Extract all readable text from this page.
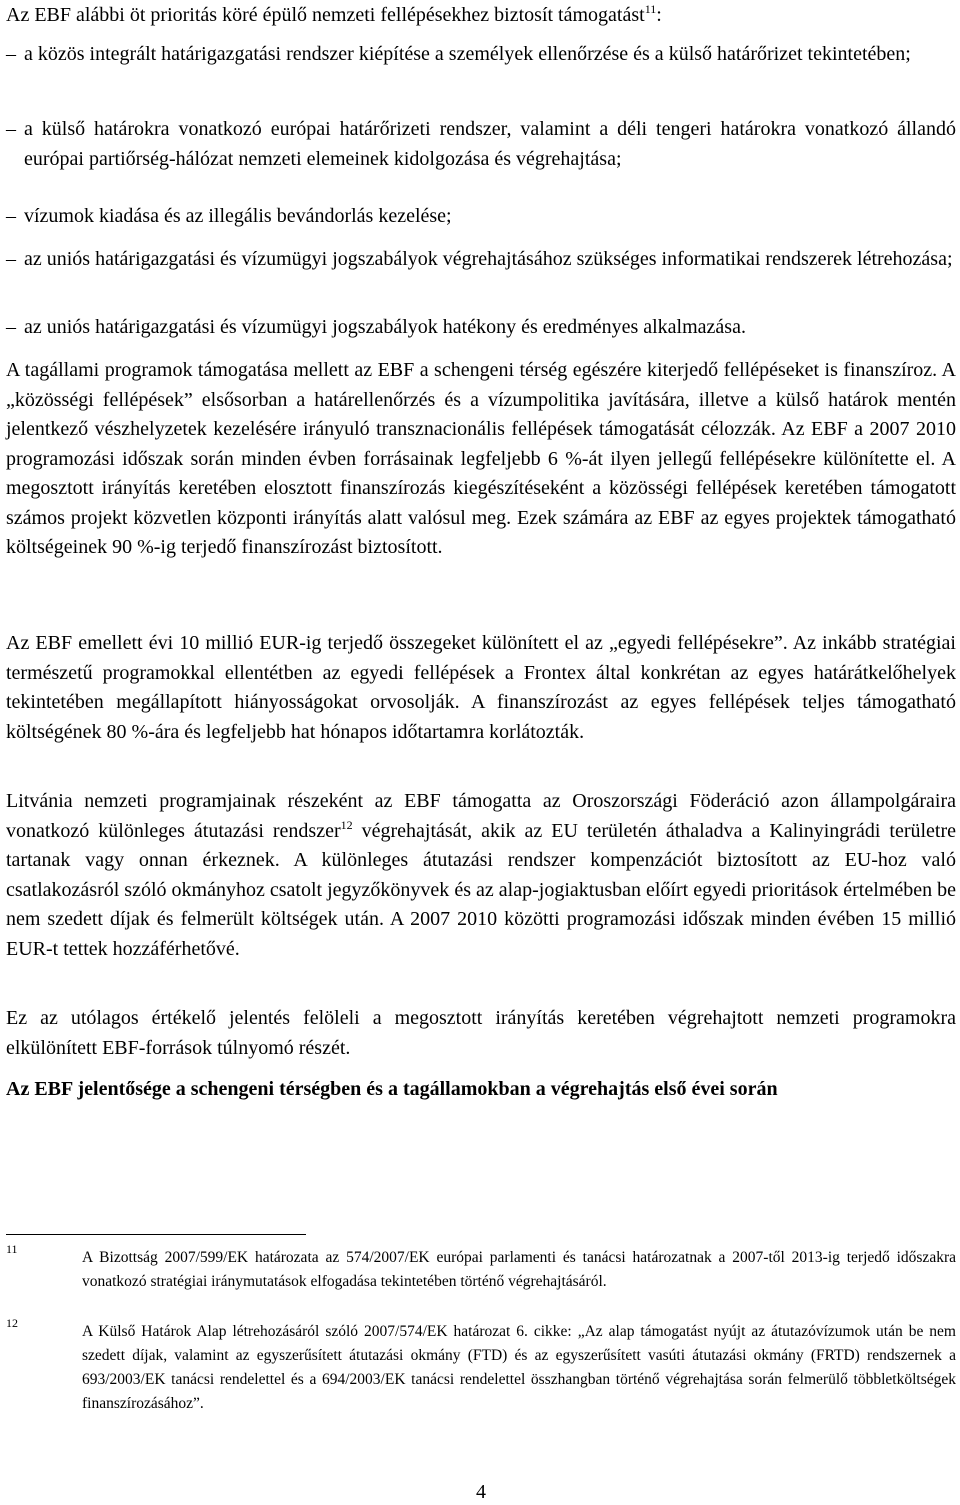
Az EBF alábbi öt prioritás köré épülő nemzeti fellépésekhez biztosít támogatást$^{11}$:
– a közös integrált határigazgatási rendszer kiépítése a személyek ellenőrzése és a külső határőrizet tekintetében;
– a külső határokra vonatkozó európai határőrizeti rendszer, valamint a déli tengeri határokra vonatkozó állandó európai partiőrség-hálózat nemzeti elemeinek kidolgozása és végrehajtása;
– vízumok kiadása és az illegális bevándorlás kezelése;
– az uniós határigazgatási és vízumügyi jogszabályok végrehajtásához szükséges informatikai rendszerek létrehozása;
– az uniós határigazgatási és vízumügyi jogszabályok hatékony és eredményes alkalmazása.
A tagállami programok támogatása mellett az EBF a schengeni térség egészére kiterjedő fellépéseket is finanszíroz. A „közösségi fellépések” elsősorban a határellenőrzés és a vízumpolitika javítására, illetve a külső határok mentén jelentkező vészhelyzetek kezelésére irányuló transznacionális fellépések támogatását célozzák. Az EBF a 2007 2010 programozási időszak során minden évben forrásainak legfeljebb 6 %-át ilyen jellegű fellépésekre különítette el. A megosztott irányítás keretében elosztott finanszírozás kiegészítéseként a közösségi fellépések keretében támogatott számos projekt közvetlen központi irányítás alatt valósul meg. Ezek számára az EBF az egyes projektek támogatható költségeinek 90 %-ig terjedő finanszírozást biztosított.
Az EBF emellett évi 10 millió EUR-ig terjedő összegeket különített el az „egyedi fellépésekre”. Az inkább stratégiai természetű programokkal ellentétben az egyedi fellépések a Frontex által konkrétan az egyes határátkelőhelyek tekintetében megállapított hiányosságokat orvosolják. A finanszírozást az egyes fellépések teljes támogatható költségének 80 %-ára és legfeljebb hat hónapos időtartamra korlátozták.
Litvánia nemzeti programjainak részeként az EBF támogatta az Oroszországi Föderáció azon állampolgáraira vonatkozó különleges átutazási rendszer$^{12}$ végrehajtását, akik az EU területén áthaladva a Kalinyingrádi területre tartanak vagy onnan érkeznek. A különleges átutazási rendszer kompenzációt biztosított az EU-hoz való csatlakozásról szóló okmányhoz csatolt jegyzőkönyvek és az alap-jogiaktusban előírt egyedi prioritások értelmében be nem szedett díjak és felmerült költségek után. A 2007 2010 közötti programozási időszak minden évében 15 millió EUR-t tettek hozzáférhetővé.
Ez az utólagos értékelő jelentés felöleli a megosztott irányítás keretében végrehajtott nemzeti programokra elkülönített EBF-források túlnyomó részét.
Az EBF jelentősége a schengeni térségben és a tagállamokban a végrehajtás első évei során
11	A Bizottság 2007/599/EK határozata az 574/2007/EK európai parlamenti és tanácsi határozatnak a 2007-től 2013-ig terjedő időszakra vonatkozó stratégiai iránymutatások elfogadása tekintetében történő végrehajtásáról.
12	A Külső Határok Alap létrehozásáról szóló 2007/574/EK határozat 6. cikke: „Az alap támogatást nyújt az átutazóvízumok után be nem szedett díjak, valamint az egyszerűsített átutazási okmány (FTD) és az egyszerűsített vasúti átutazási okmány (FRTD) rendszernek a 693/2003/EK tanácsi rendelettel és a 694/2003/EK tanácsi rendelettel összhangban történő végrehajtása során felmerülő többletköltségek finanszírozásához”.
4
